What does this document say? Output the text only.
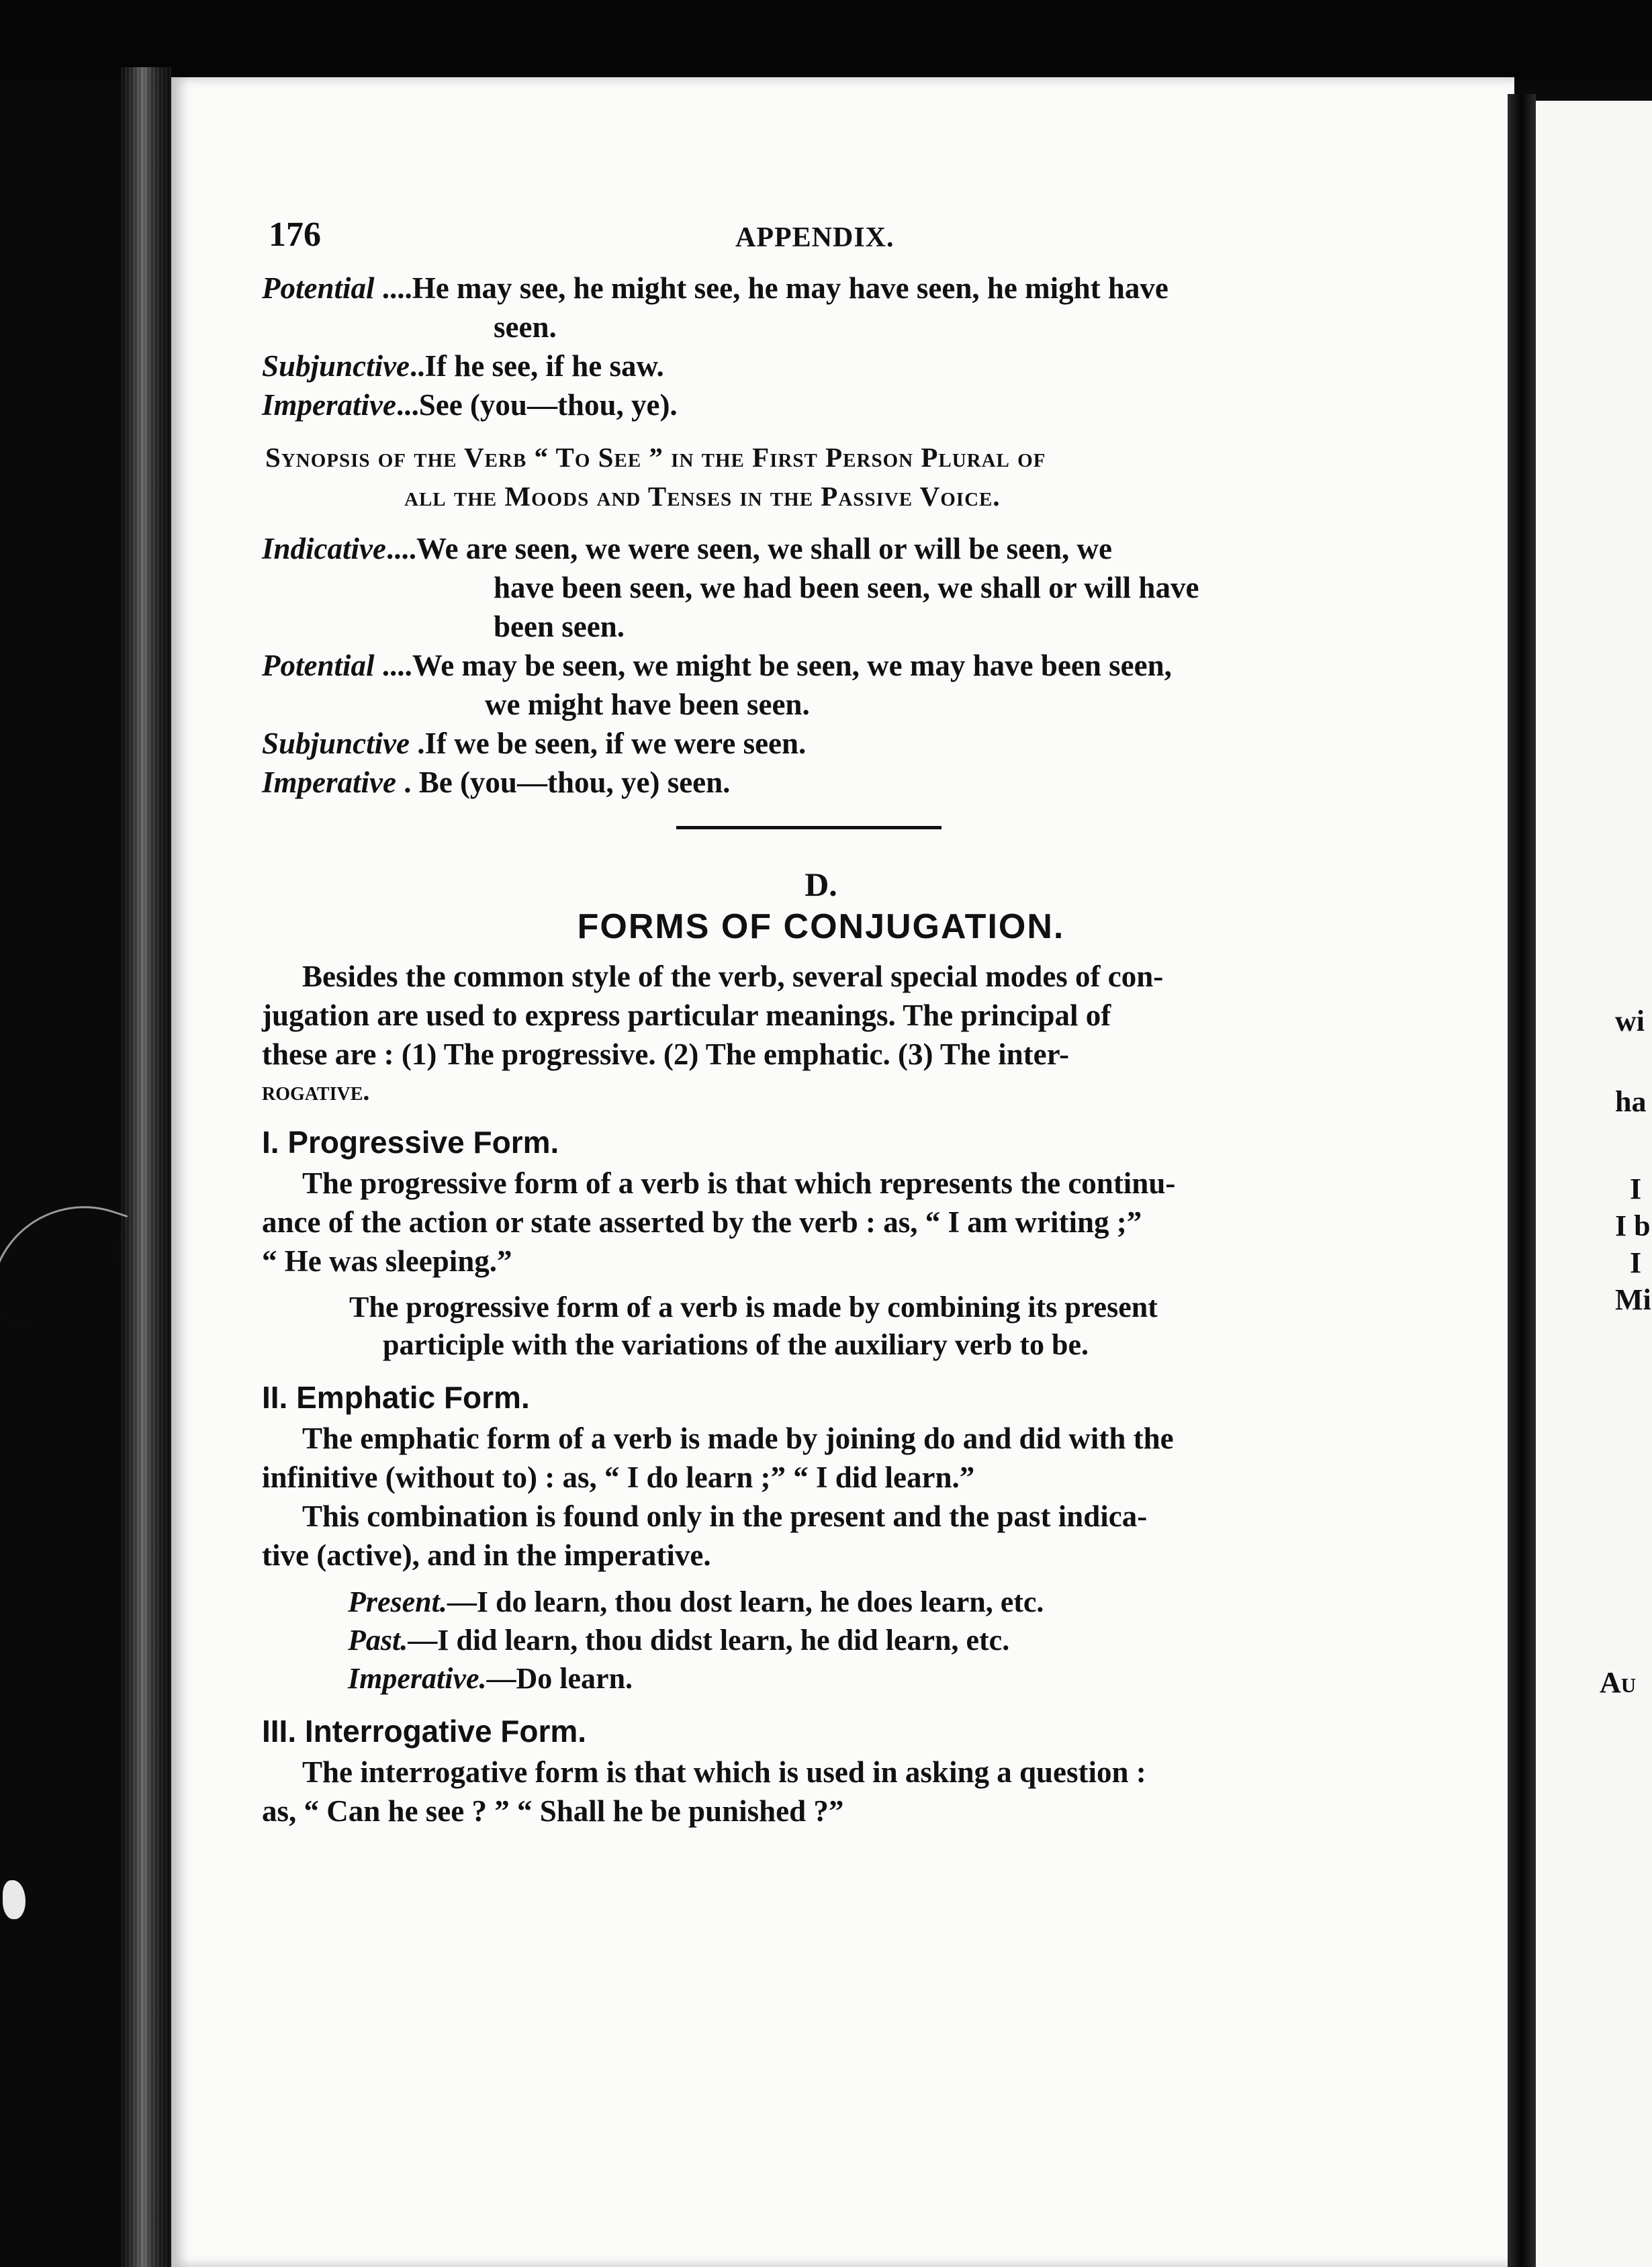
wi
ha
I
I b
I
Mi
Au
176	APPENDIX.
Potential ....He may see, he might see, he may have seen, he might have
seen.
Subjunctive..If he see, if he saw.
Imperative...See (you—thou, ye).
Synopsis of the Verb “ To See ” in the First Person Plural of
all the Moods and Tenses in the Passive Voice.
Indicative....We are seen, we were seen, we shall or will be seen, we
have been seen, we had been seen, we shall or will have
been seen.
Potential ....We may be seen, we might be seen, we may have been seen,
we might have been seen.
Subjunctive .If we be seen, if we were seen.
Imperative . Be (you—thou, ye) seen.
D.
FORMS OF CONJUGATION.
Besides the common style of the verb, several special modes of con-
jugation are used to express particular meanings. The principal of
these are : (1) The progressive. (2) The emphatic. (3) The inter-
rogative.
I. Progressive Form.
The progressive form of a verb is that which represents the continu-
ance of the action or state asserted by the verb : as, “ I am writing ;”
“ He was sleeping.”
The progressive form of a verb is made by combining its present
participle with the variations of the auxiliary verb to be.
II. Emphatic Form.
The emphatic form of a verb is made by joining do and did with the
infinitive (without to) : as, “ I do learn ;” “ I did learn.”
This combination is found only in the present and the past indica-
tive (active), and in the imperative.
Present.—I do learn, thou dost learn, he does learn, etc.
Past.—I did learn, thou didst learn, he did learn, etc.
Imperative.—Do learn.
III. Interrogative Form.
The interrogative form is that which is used in asking a question :
as, “ Can he see ? ” “ Shall he be punished ?”
